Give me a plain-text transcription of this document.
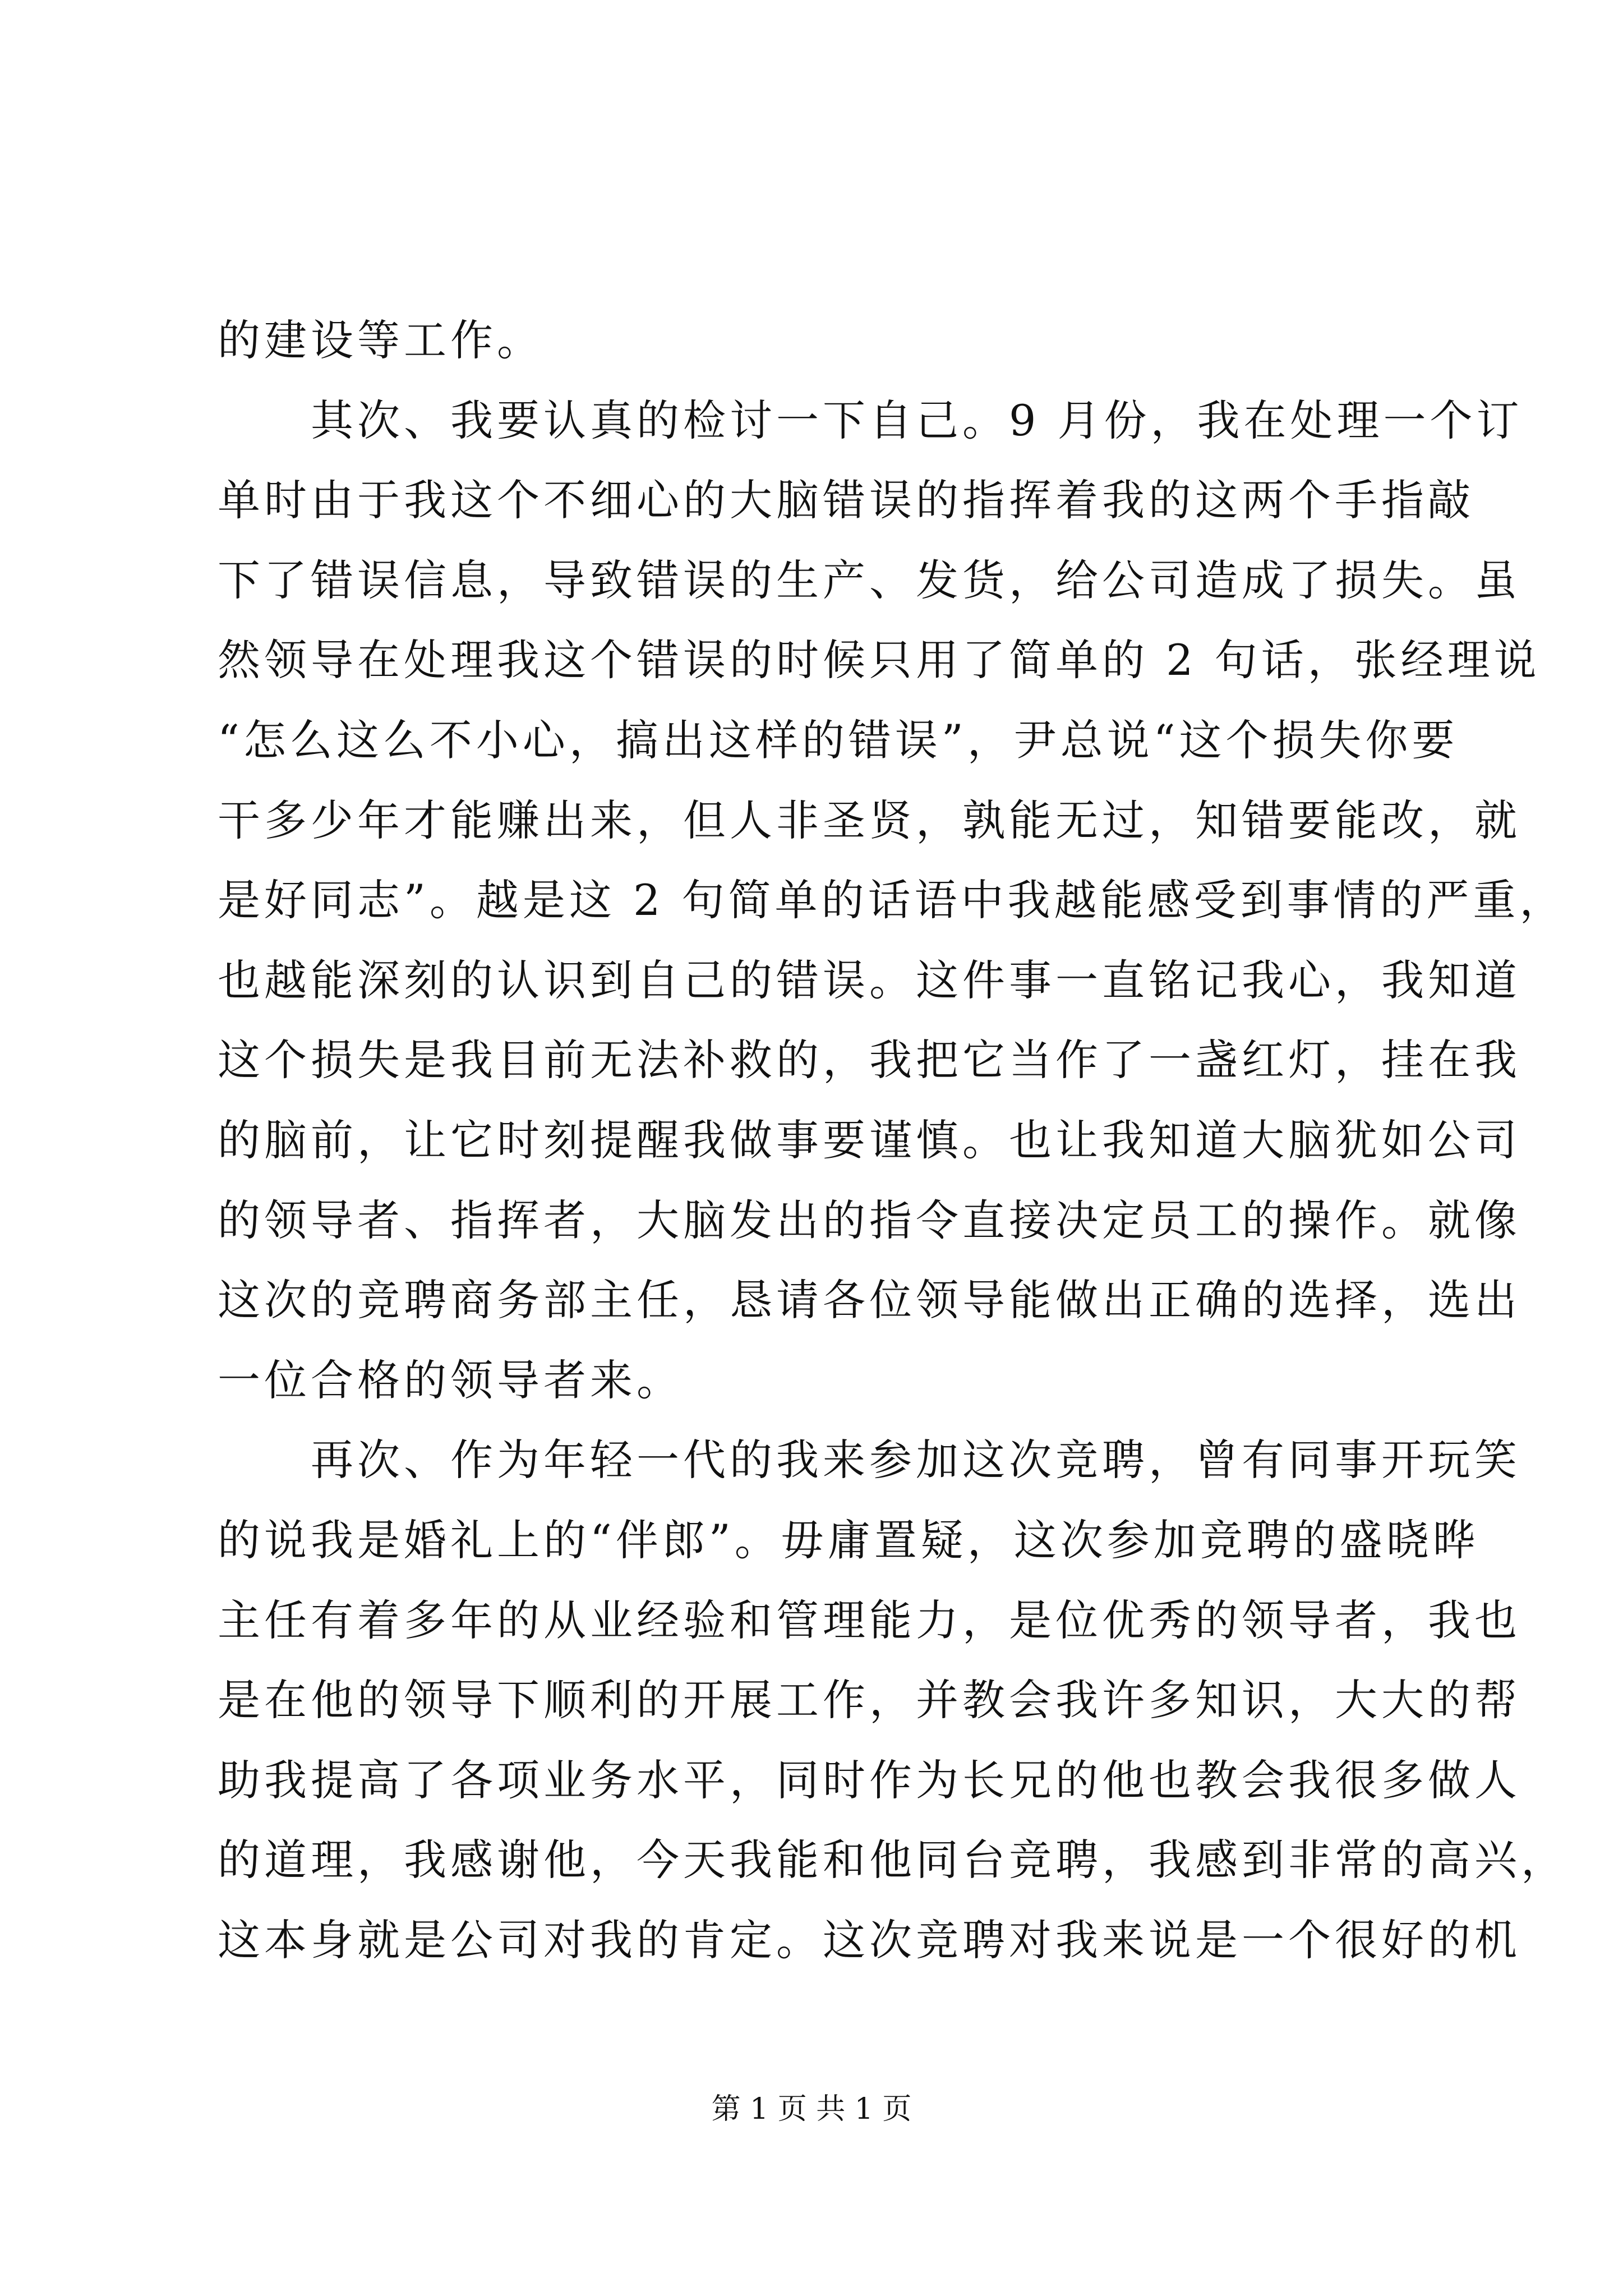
的建设等工作。
　　其次、我要认真的检讨一下自己。9 月份，我在处理一个订
单时由于我这个不细心的大脑错误的指挥着我的这两个手指敲
下了错误信息，导致错误的生产、发货，给公司造成了损失。虽
然领导在处理我这个错误的时候只用了简单的 2 句话，张经理说
“怎么这么不小心，搞出这样的错误”，尹总说“这个损失你要
干多少年才能赚出来，但人非圣贤，孰能无过，知错要能改，就
是好同志”。越是这 2 句简单的话语中我越能感受到事情的严重，
也越能深刻的认识到自己的错误。这件事一直铭记我心，我知道
这个损失是我目前无法补救的，我把它当作了一盏红灯，挂在我
的脑前，让它时刻提醒我做事要谨慎。也让我知道大脑犹如公司
的领导者、指挥者，大脑发出的指令直接决定员工的操作。就像
这次的竞聘商务部主任，恳请各位领导能做出正确的选择，选出
一位合格的领导者来。
　　再次、作为年轻一代的我来参加这次竞聘，曾有同事开玩笑
的说我是婚礼上的“伴郎”。毋庸置疑，这次参加竞聘的盛晓晔
主任有着多年的从业经验和管理能力，是位优秀的领导者，我也
是在他的领导下顺利的开展工作，并教会我许多知识，大大的帮
助我提高了各项业务水平，同时作为长兄的他也教会我很多做人
的道理，我感谢他，今天我能和他同台竞聘，我感到非常的高兴，
这本身就是公司对我的肯定。这次竞聘对我来说是一个很好的机
第 1 页 共 1 页
